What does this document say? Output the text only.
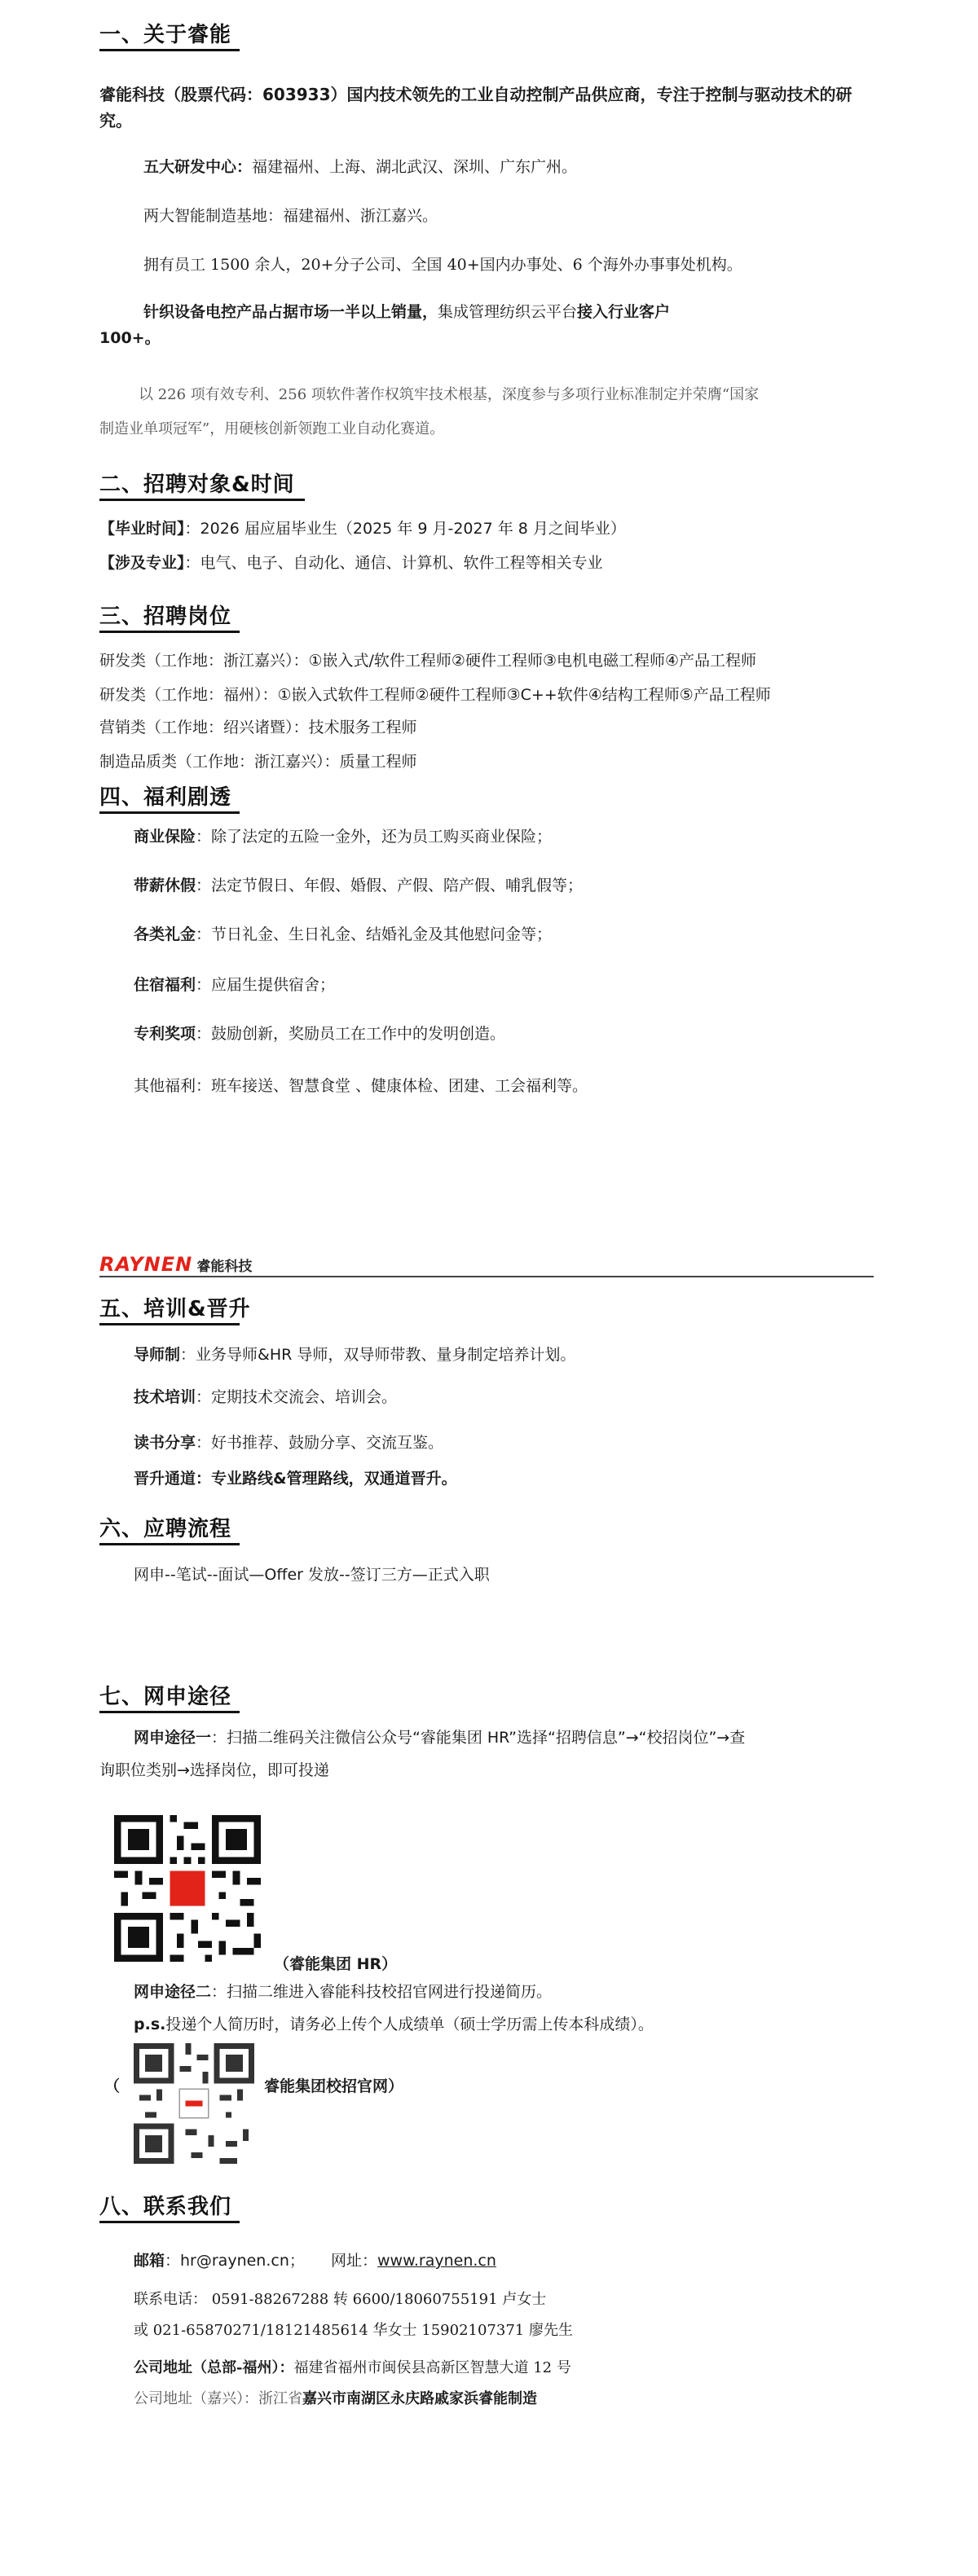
一、关于睿能
睿能科技（股票代码：603933）国内技术领先的工业自动控制产品供应商，专注于控制与驱动技术的研究。
五大研发中心：福建福州、上海、湖北武汉、深圳、广东广州。
两大智能制造基地：福建福州、浙江嘉兴。
拥有员工 1500 余人，20+分子公司、全国 40+国内办事处、6 个海外办事事处机构。
针织设备电控产品占据市场一半以上销量，集成管理纺织云平台接入行业客户
100+。
以 226 项有效专利、256 项软件著作权筑牢技术根基，深度参与多项行业标准制定并荣膺“国家
制造业单项冠军”，用硬核创新领跑工业自动化赛道。
二、招聘对象&时间
【毕业时间】：2026 届应届毕业生（2025 年 9 月-2027 年 8 月之间毕业）
【涉及专业】：电气、电子、自动化、通信、计算机、软件工程等相关专业
三、招聘岗位
研发类（工作地：浙江嘉兴）：①嵌入式/软件工程师②硬件工程师③电机电磁工程师④产品工程师
研发类（工作地：福州）：①嵌入式软件工程师②硬件工程师③C++软件④结构工程师⑤产品工程师
营销类（工作地：绍兴诸暨）：技术服务工程师
制造品质类（工作地：浙江嘉兴）：质量工程师
四、福利剧透
商业保险：除了法定的五险一金外，还为员工购买商业保险；
带薪休假：法定节假日、年假、婚假、产假、陪产假、哺乳假等；
各类礼金：节日礼金、生日礼金、结婚礼金及其他慰问金等；
住宿福利：应届生提供宿舍；
专利奖项：鼓励创新，奖励员工在工作中的发明创造。
其他福利：班车接送、智慧食堂 、健康体检、团建、工会福利等。
RAYNEN 睿能科技
五、培训&晋升
导师制：业务导师&HR 导师，双导师带教、量身制定培养计划。
技术培训：定期技术交流会、培训会。
读书分享：好书推荐、鼓励分享、交流互鉴。
晋升通道：专业路线&管理路线，双通道晋升。
六、应聘流程
网申--笔试--面试—Offer 发放--签订三方—正式入职
七、网申途径
网申途径一：扫描二维码关注微信公众号“睿能集团 HR”选择“招聘信息”→“校招岗位”→查
询职位类别→选择岗位，即可投递
（睿能集团 HR）
网申途径二：扫描二维进入睿能科技校招官网进行投递简历。
p.s.投递个人简历时，请务必上传个人成绩单（硕士学历需上传本科成绩）。
（	睿能集团校招官网）
八、联系我们
邮箱：hr@raynen.cn； 网址：www.raynen.cn
联系电话： 0591-88267288 转 6600/18060755191 卢女士
或 021-65870271/18121485614 华女士 15902107371 廖先生
公司地址（总部-福州）：福建省福州市闽侯县高新区智慧大道 12 号
公司地址（嘉兴）：浙江省嘉兴市南湖区永庆路戚家浜睿能制造
